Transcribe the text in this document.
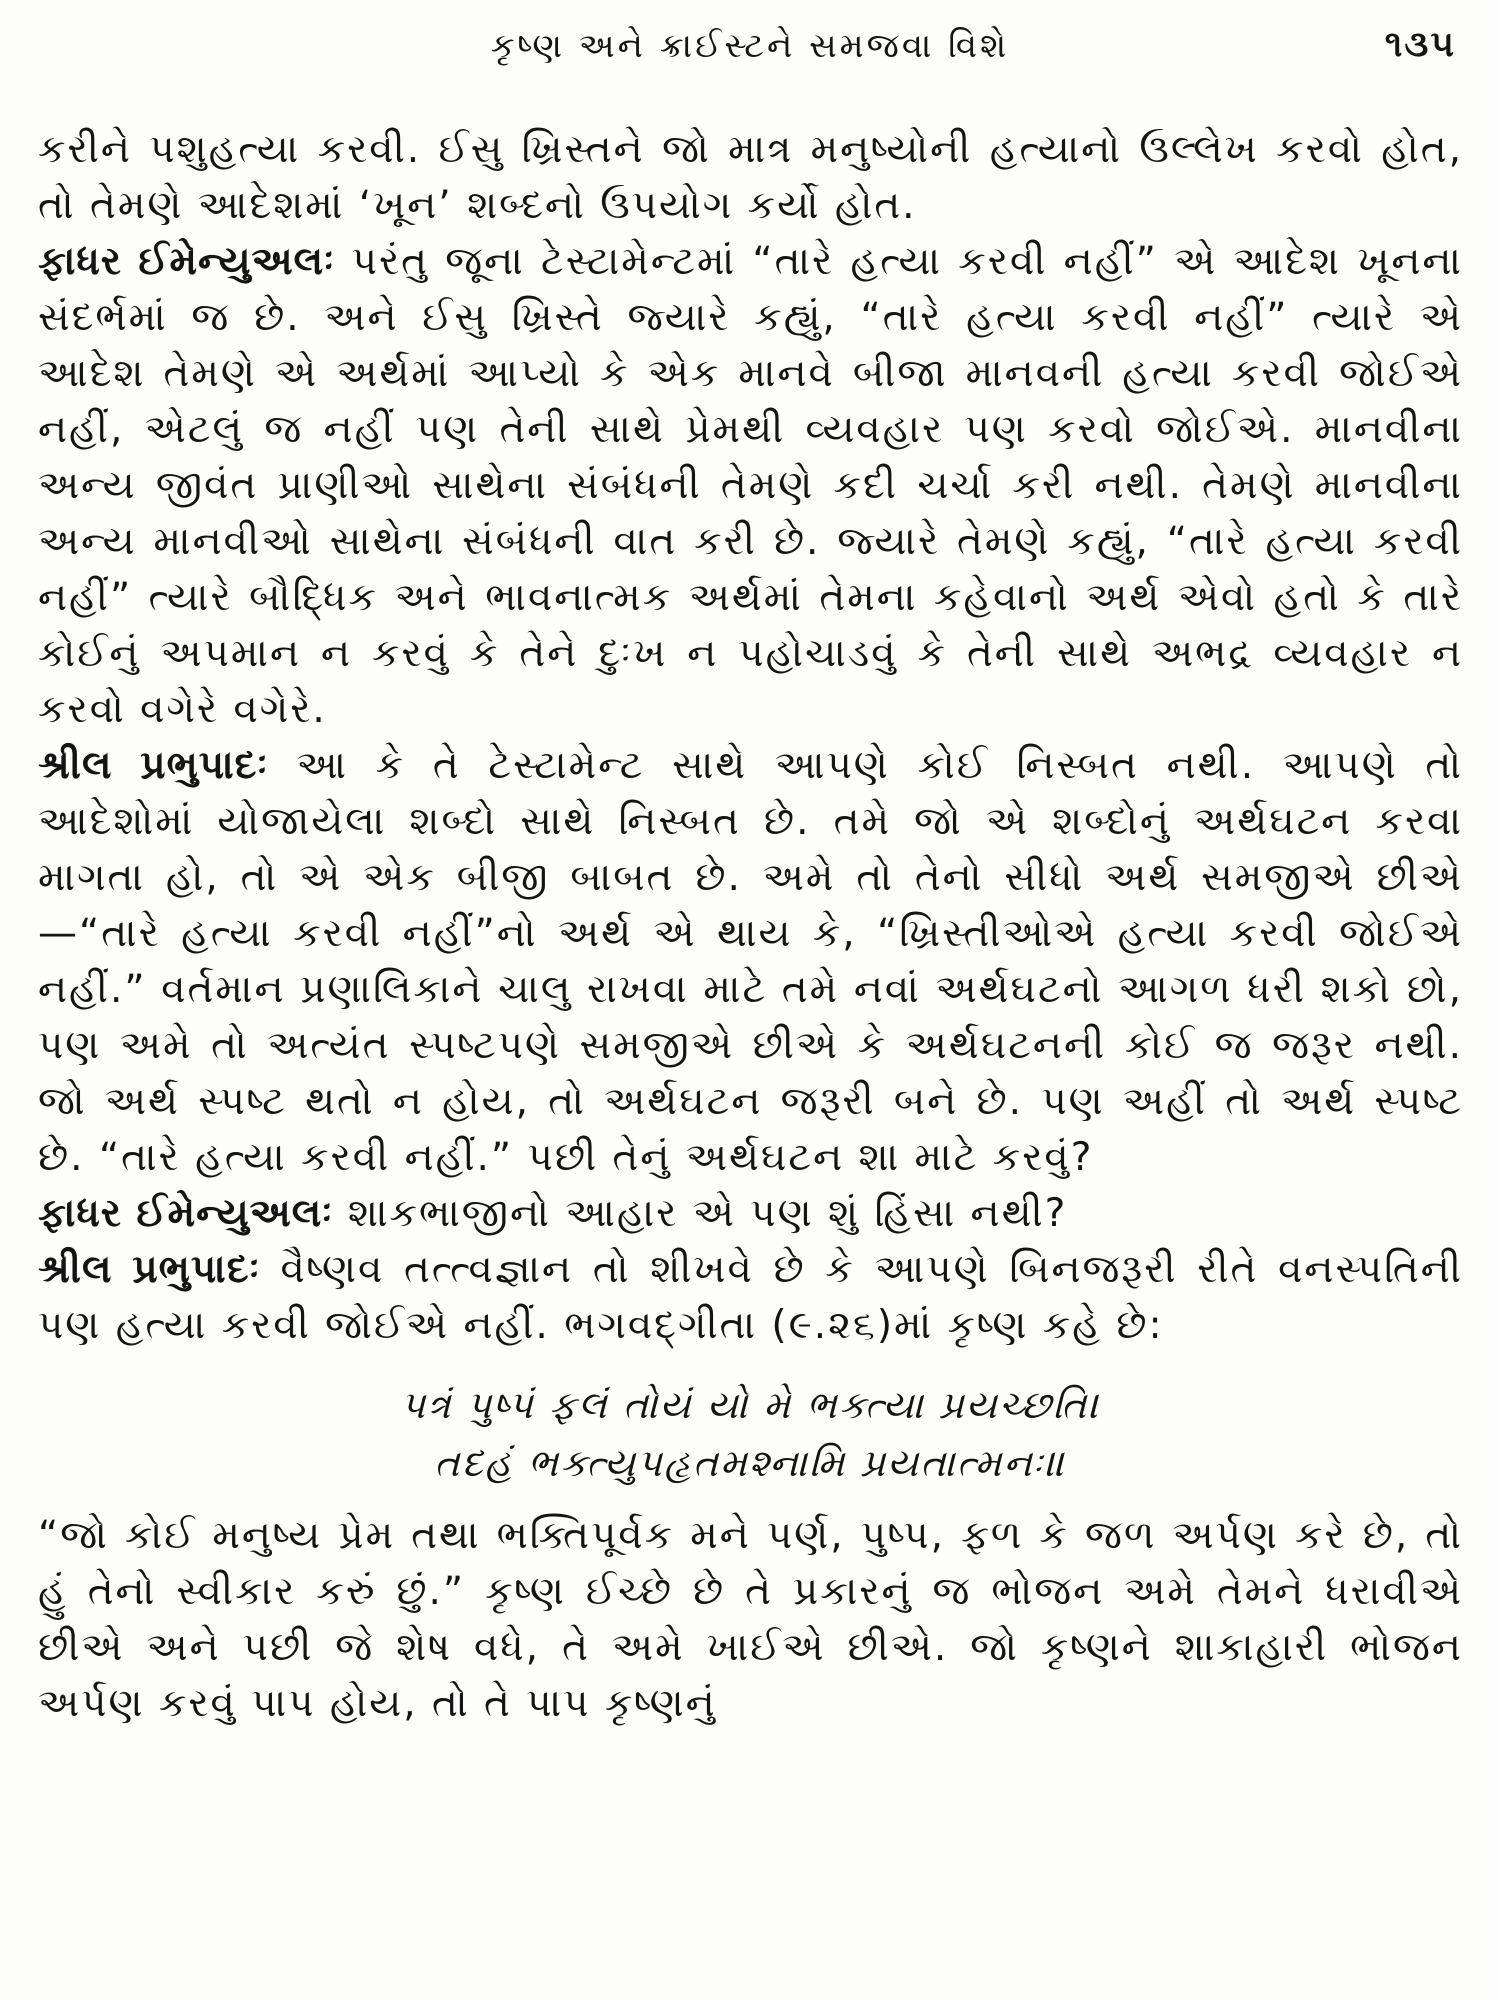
કૃષ્ણ અને ક્રાઈસ્ટને સમજવા વિશે	૧૩૫

કરીને પશુહત્યા કરવી. ઈસુ ખ્રિસ્તને જો માત્ર મનુષ્યોની હત્યાનો ઉલ્લેખ કરવો હોત, તો તેમણે આદેશમાં ‘ખૂન’ શબ્દનો ઉપયોગ કર્યો હોત.

ફાધર ઈમેન્યુઅલઃ પરંતુ જૂના ટેસ્ટામેન્ટમાં “તારે હત્યા કરવી નહીં” એ આદેશ ખૂનના સંદર્ભમાં જ છે. અને ઈસુ ખ્રિસ્તે જ્યારે કહ્યું, “તારે હત્યા કરવી નહીં” ત્યારે એ આદેશ તેમણે એ અર્થમાં આપ્યો કે એક માનવે બીજા માનવની હત્યા કરવી જોઈએ નહીં, એટલું જ નહીં પણ તેની સાથે પ્રેમથી વ્યવહાર પણ કરવો જોઈએ. માનવીના અન્ય જીવંત પ્રાણીઓ સાથેના સંબંધની તેમણે કદી ચર્ચા કરી નથી. તેમણે માનવીના અન્ય માનવીઓ સાથેના સંબંધની વાત કરી છે. જ્યારે તેમણે કહ્યું, “તારે હત્યા કરવી નહીં” ત્યારે બૌદ્ધિક અને ભાવનાત્મક અર્થમાં તેમના કહેવાનો અર્થ એવો હતો કે તારે કોઈનું અપમાન ન કરવું કે તેને દુઃખ ન પહોચાડવું કે તેની સાથે અભદ્ર વ્યવહાર ન કરવો વગેરે વગેરે.

શ્રીલ પ્રભુપાદઃ આ કે તે ટેસ્ટામેન્ટ સાથે આપણે કોઈ નિસ્બત નથી. આપણે તો આદેશોમાં યોજાયેલા શબ્દો સાથે નિસ્બત છે. તમે જો એ શબ્દોનું અર્થઘટન કરવા માગતા હો, તો એ એક બીજી બાબત છે. અમે તો તેનો સીધો અર્થ સમજીએ છીએ—“તારે હત્યા કરવી નહીં”નો અર્થ એ થાય કે, “ખ્રિસ્તીઓએ હત્યા કરવી જોઈએ નહીં.” વર્તમાન પ્રણાલિકાને ચાલુ રાખવા માટે તમે નવાં અર્થઘટનો આગળ ધરી શકો છો, પણ અમે તો અત્યંત સ્પષ્ટપણે સમજીએ છીએ કે અર્થઘટનની કોઈ જ જરૂર નથી. જો અર્થ સ્પષ્ટ થતો ન હોય, તો અર્થઘટન જરૂરી બને છે. પણ અહીં તો અર્થ સ્પષ્ટ છે. “તારે હત્યા કરવી નહીં.” પછી તેનું અર્થઘટન શા માટે કરવું?

ફાધર ઈમેન્યુઅલઃ શાકભાજીનો આહાર એ પણ શું હિંસા નથી?

શ્રીલ પ્રભુપાદઃ વૈષ્ણવ તત્ત્વજ્ઞાન તો શીખવે છે કે આપણે બિનજરૂરી રીતે વનસ્પતિની પણ હત્યા કરવી જોઈએ નહીં. ભગવદ્ગીતા (૯.૨૬)માં કૃષ્ણ કહે છે:

પત્રં પુષ્પં ફલં તોયં યો મે ભક્ત્યા પ્રયચ્છતિ।
તદહં ભક્ત્યુપહૃતમશ્નામિ પ્રયતાત્મનઃ॥

“જો કોઈ મનુષ્ય પ્રેમ તથા ભક્તિપૂર્વક મને પર્ણ, પુષ્પ, ફળ કે જળ અર્પણ કરે છે, તો હું તેનો સ્વીકાર કરું છું.” કૃષ્ણ ઈચ્છે છે તે પ્રકારનું જ ભોજન અમે તેમને ધરાવીએ છીએ અને પછી જે શેષ વધે, તે અમે ખાઈએ છીએ. જો કૃષ્ણને શાકાહારી ભોજન અર્પણ કરવું પાપ હોય, તો તે પાપ કૃષ્ણનું
